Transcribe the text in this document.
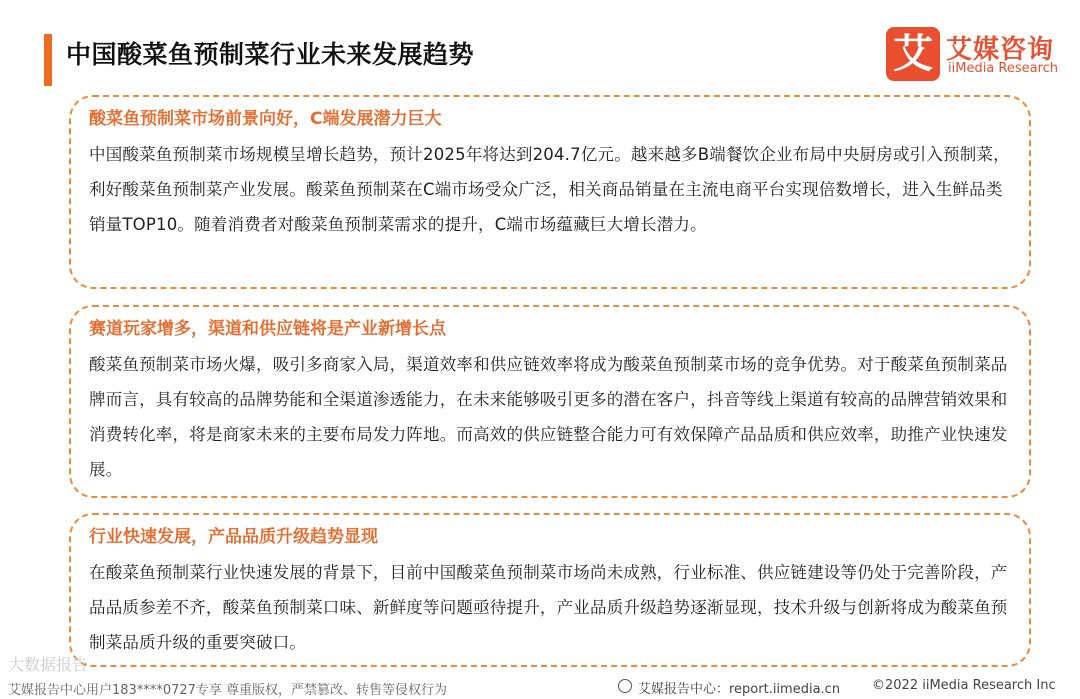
中国酸菜鱼预制菜行业未来发展趋势	艾 艾媒咨询
iiMedia Research

酸菜鱼预制菜市场前景向好，C端发展潜力巨大

中国酸菜鱼预制菜市场规模呈增长趋势，预计2025年将达到204.7亿元。越来越多B端餐饮企业布局中央厨房或引入预制菜，利好酸菜鱼预制菜产业发展。酸菜鱼预制菜在C端市场受众广泛，相关商品销量在主流电商平台实现倍数增长，进入生鲜品类销量TOP10。随着消费者对酸菜鱼预制菜需求的提升，C端市场蕴藏巨大增长潜力。

赛道玩家增多，渠道和供应链将是产业新增长点

酸菜鱼预制菜市场火爆，吸引多商家入局，渠道效率和供应链效率将成为酸菜鱼预制菜市场的竞争优势。对于酸菜鱼预制菜品牌而言，具有较高的品牌势能和全渠道渗透能力，在未来能够吸引更多的潜在客户，抖音等线上渠道有较高的品牌营销效果和消费转化率，将是商家未来的主要布局发力阵地。而高效的供应链整合能力可有效保障产品品质和供应效率，助推产业快速发展。

行业快速发展，产品品质升级趋势显现

在酸菜鱼预制菜行业快速发展的背景下，目前中国酸菜鱼预制菜市场尚未成熟，行业标准、供应链建设等仍处于完善阶段，产品品质参差不齐，酸菜鱼预制菜口味、新鲜度等问题亟待提升，产业品质升级趋势逐渐显现，技术升级与创新将成为酸菜鱼预制菜品质升级的重要突破口。

大数据报告
艾媒报告中心用户183****0727专享 尊重版权，严禁篡改、转售等侵权行为	艾媒报告中心：report.iimedia.cn ©2022 iiMedia Research Inc
